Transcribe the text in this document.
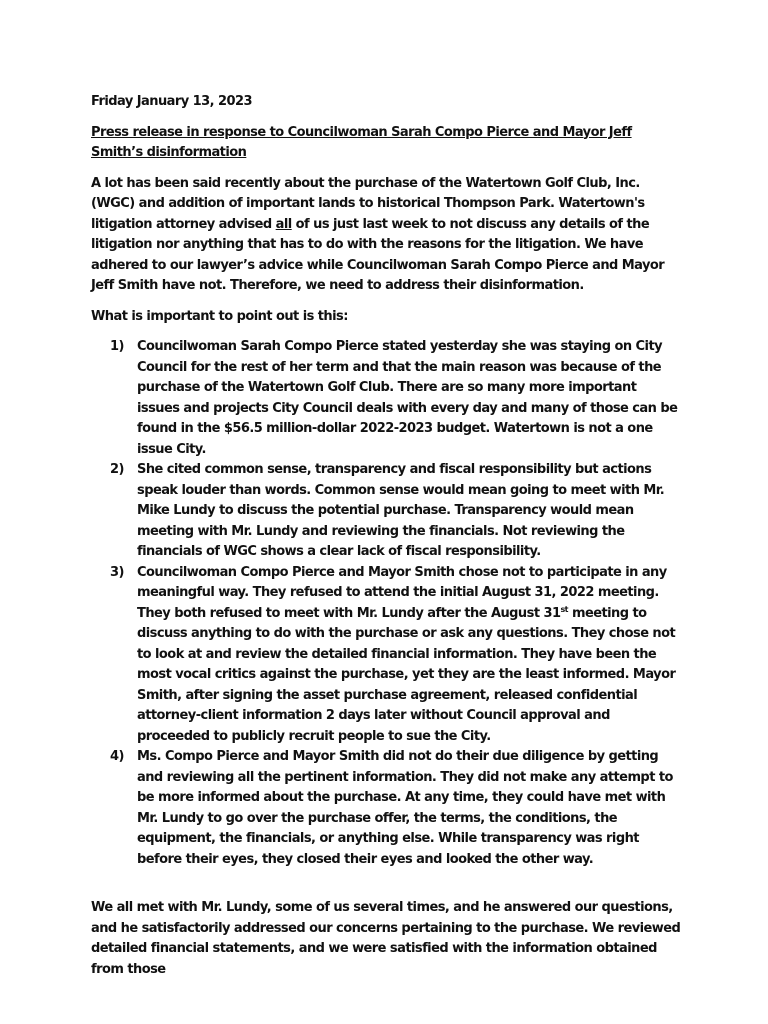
Friday January 13, 2023

Press release in response to Councilwoman Sarah Compo Pierce and Mayor Jeff Smith’s disinformation

A lot has been said recently about the purchase of the Watertown Golf Club, Inc. (WGC) and addition of important lands to historical Thompson Park. Watertown's litigation attorney advised all of us just last week to not discuss any details of the litigation nor anything that has to do with the reasons for the litigation. We have adhered to our lawyer’s advice while Councilwoman Sarah Compo Pierce and Mayor Jeff Smith have not. Therefore, we need to address their disinformation.

What is important to point out is this:

1) Councilwoman Sarah Compo Pierce stated yesterday she was staying on City Council for the rest of her term and that the main reason was because of the purchase of the Watertown Golf Club. There are so many more important issues and projects City Council deals with every day and many of those can be found in the $56.5 million-dollar 2022-2023 budget. Watertown is not a one issue City.
2) She cited common sense, transparency and fiscal responsibility but actions speak louder than words. Common sense would mean going to meet with Mr. Mike Lundy to discuss the potential purchase. Transparency would mean meeting with Mr. Lundy and reviewing the financials. Not reviewing the financials of WGC shows a clear lack of fiscal responsibility.
3) Councilwoman Compo Pierce and Mayor Smith chose not to participate in any meaningful way. They refused to attend the initial August 31, 2022 meeting. They both refused to meet with Mr. Lundy after the August 31st meeting to discuss anything to do with the purchase or ask any questions. They chose not to look at and review the detailed financial information. They have been the most vocal critics against the purchase, yet they are the least informed. Mayor Smith, after signing the asset purchase agreement, released confidential attorney-client information 2 days later without Council approval and proceeded to publicly recruit people to sue the City.
4) Ms. Compo Pierce and Mayor Smith did not do their due diligence by getting and reviewing all the pertinent information. They did not make any attempt to be more informed about the purchase. At any time, they could have met with Mr. Lundy to go over the purchase offer, the terms, the conditions, the equipment, the financials, or anything else. While transparency was right before their eyes, they closed their eyes and looked the other way.

We all met with Mr. Lundy, some of us several times, and he answered our questions, and he satisfactorily addressed our concerns pertaining to the purchase. We reviewed detailed financial statements, and we were satisfied with the information obtained from those
